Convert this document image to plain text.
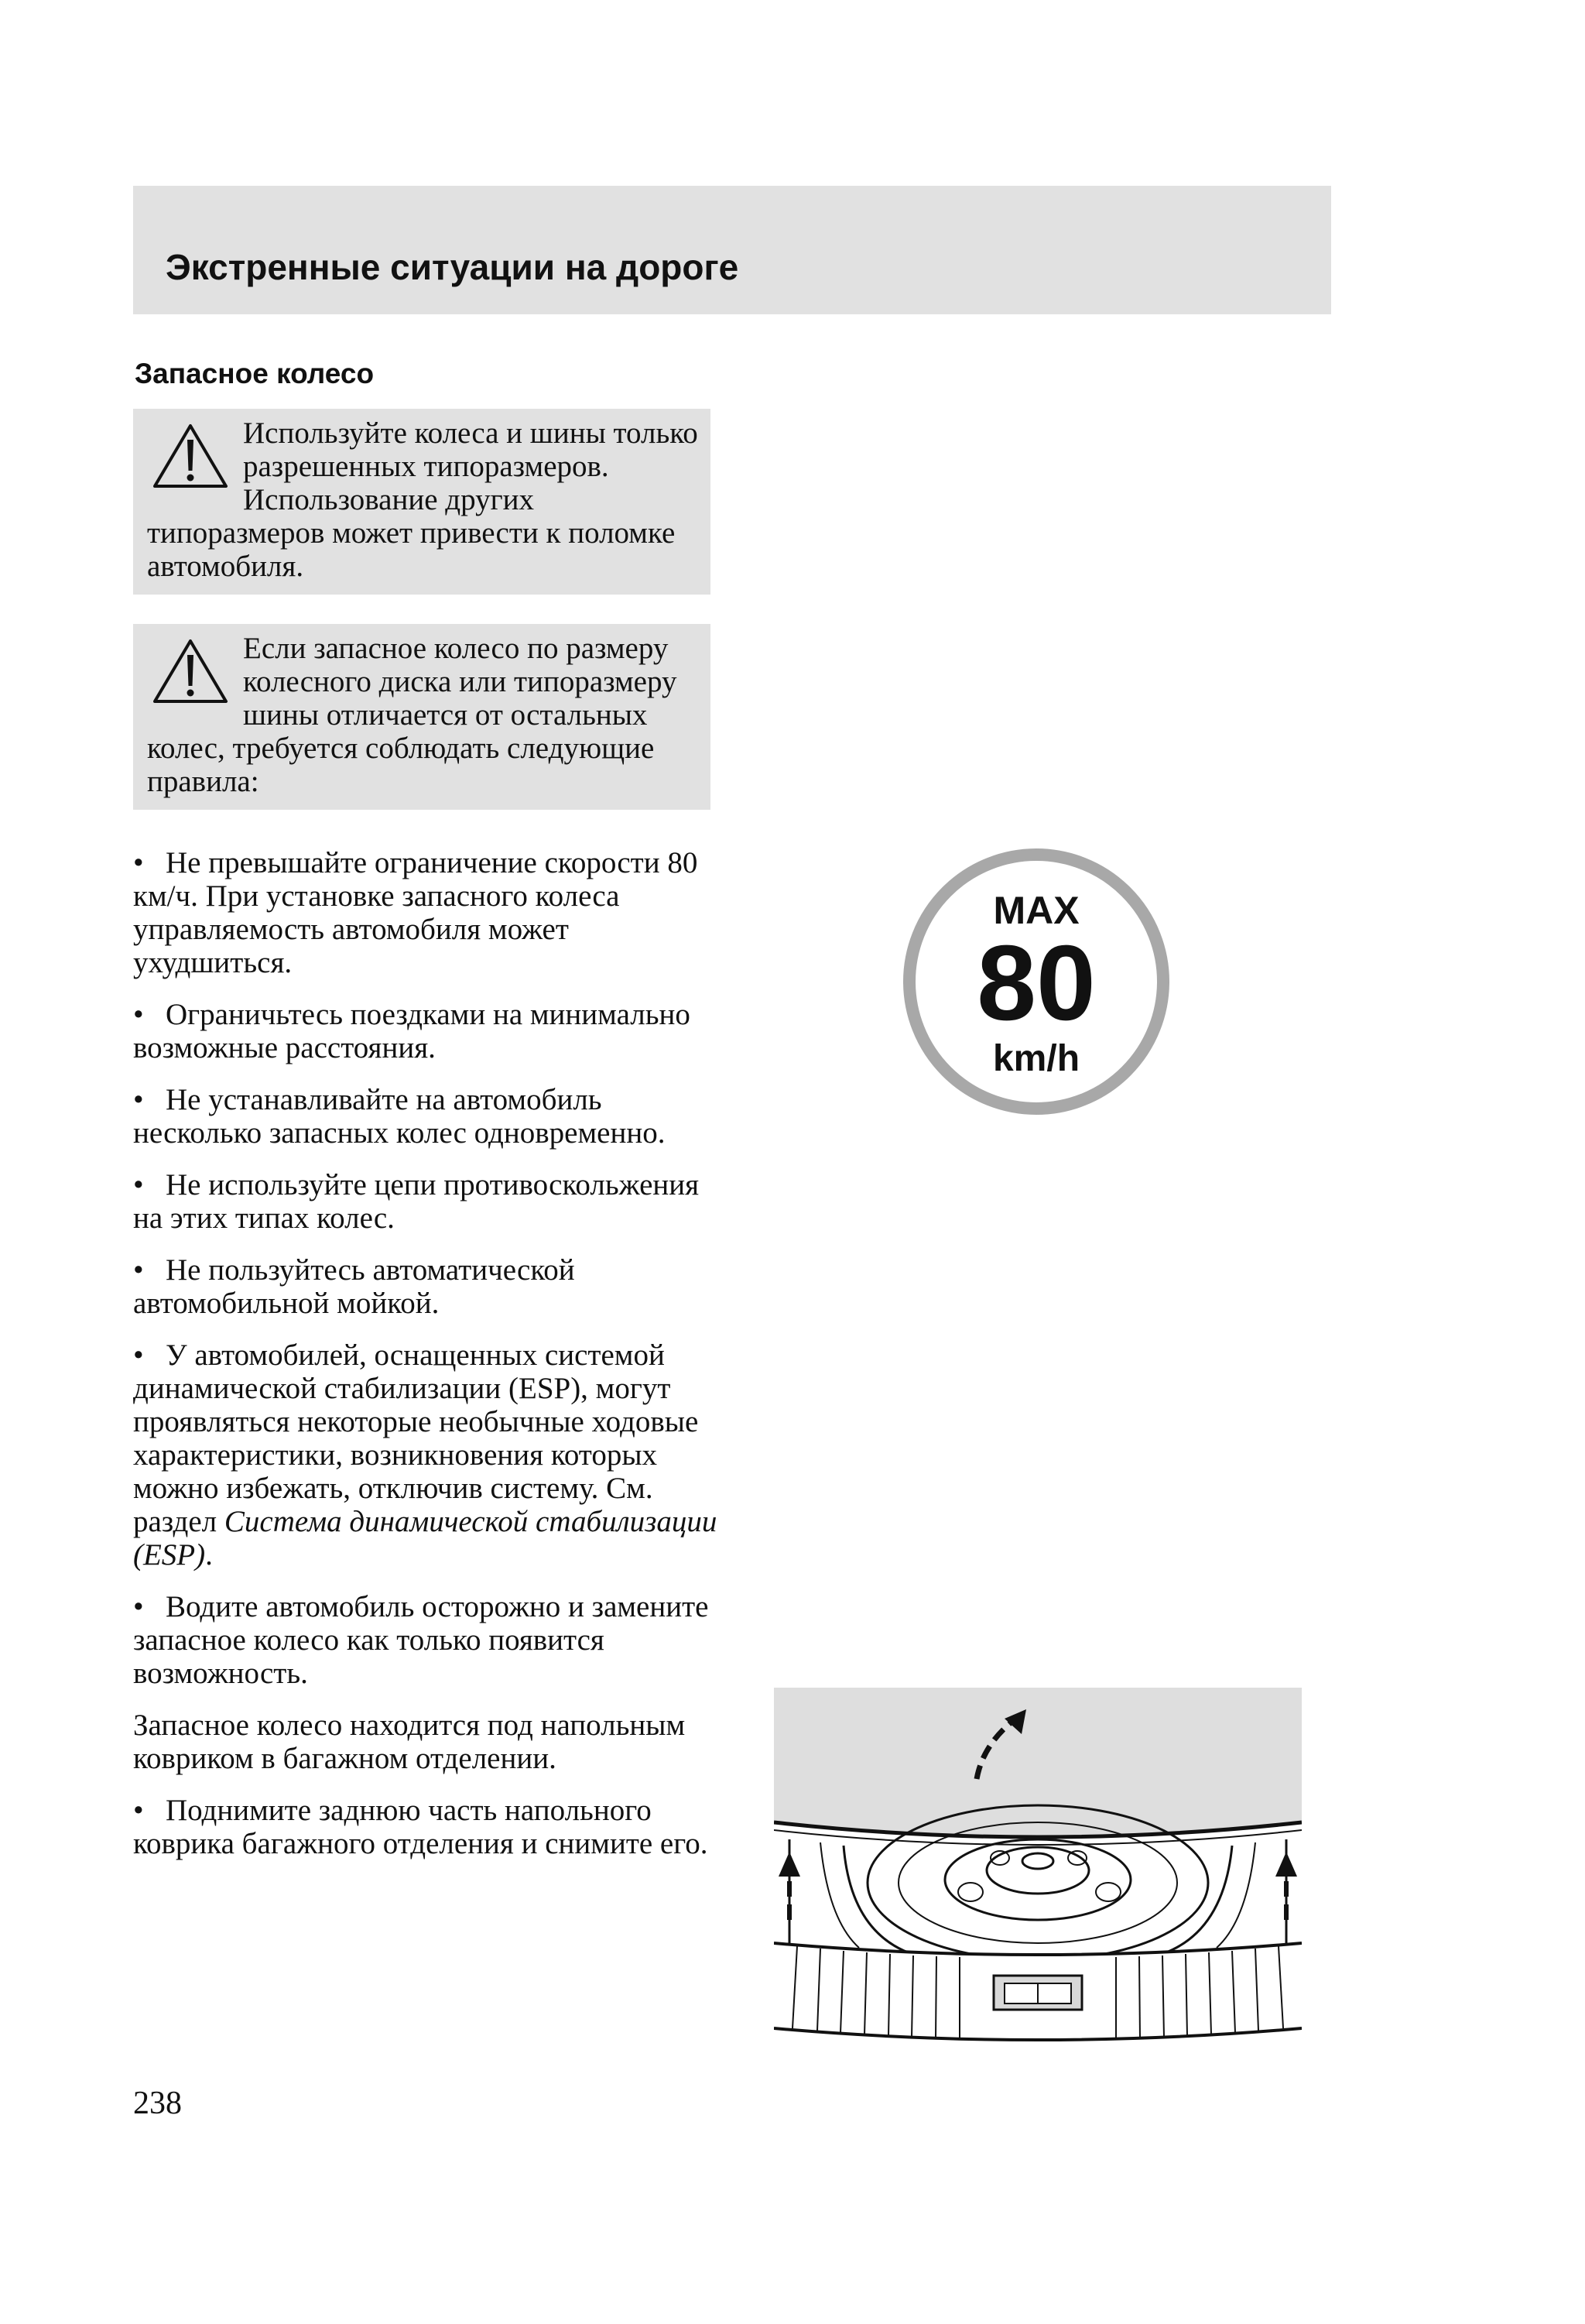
Экстренные ситуации на дороге
Запасное колесо
Используйте колеса и шины только разрешенных типоразмеров. Использование других типоразмеров может привести к поломке автомобиля.
Если запасное колесо по размеру колесного диска или типоразмеру шины отличается от остальных колес, требуется соблюдать следующие правила:
• Не превышайте ограничение скорости 80 км/ч. При установке запасного колеса управляемость автомобиля может ухудшиться.
• Ограничьтесь поездками на минимально возможные расстояния.
• Не устанавливайте на автомобиль несколько запасных колес одновременно.
• Не используйте цепи противоскольжения на этих типах колес.
• Не пользуйтесь автоматической автомобильной мойкой.
• У автомобилей, оснащенных системой динамической стабилизации (ESP), могут проявляться некоторые необычные ходовые характеристики, возникновения которых можно избежать, отключив систему. См. раздел Система динамической стабилизации (ESP).
• Водите автомобиль осторожно и замените запасное колесо как только появится возможность.
Запасное колесо находится под напольным ковриком в багажном отделении.
• Поднимите заднюю часть напольного коврика багажного отделения и снимите его.
MAX
80
km/h
238
